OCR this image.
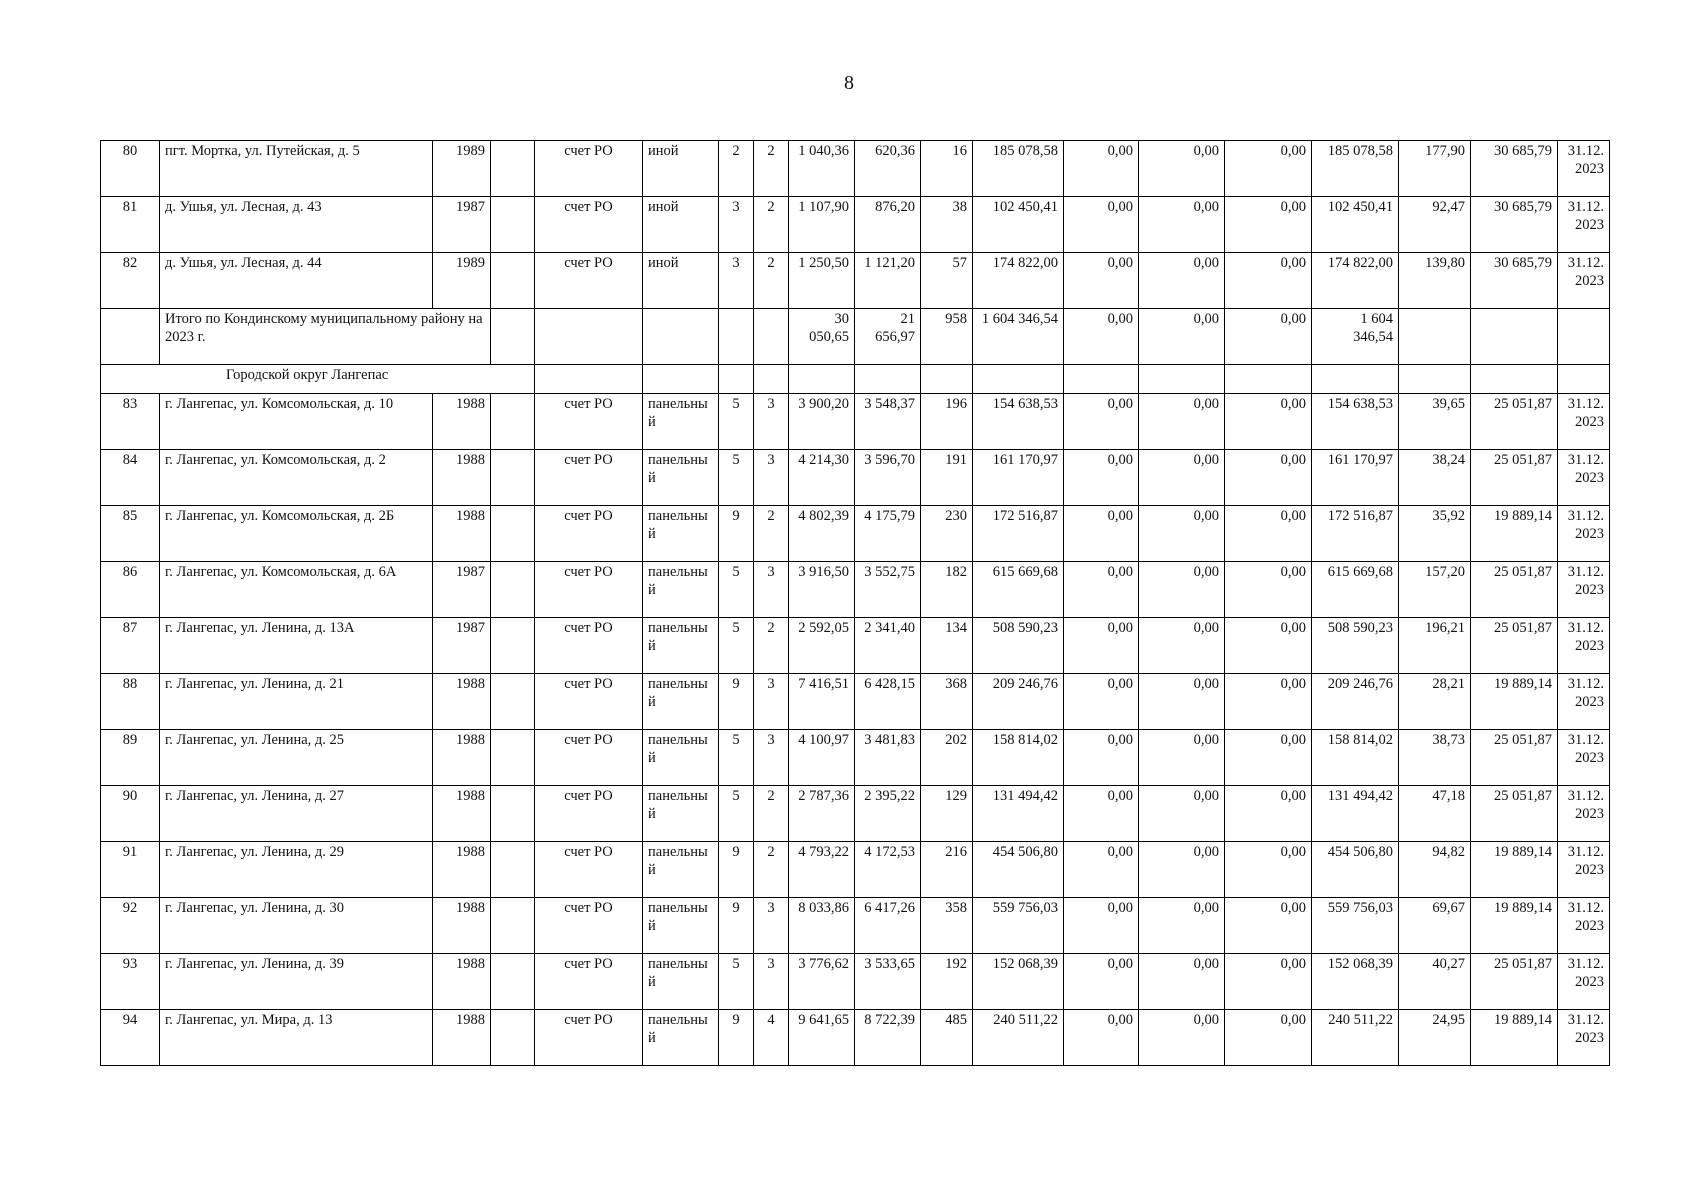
8
80	пгт. Мортка, ул. Путейская, д. 5	1989		счет РО	иной	2	2	1 040,36	620,36	16	185 078,58	0,00	0,00	0,00	185 078,58	177,90	30 685,79	31.12.2023
81	д. Ушья, ул. Лесная, д. 43	1987		счет РО	иной	3	2	1 107,90	876,20	38	102 450,41	0,00	0,00	0,00	102 450,41	92,47	30 685,79	31.12.2023
82	д. Ушья, ул. Лесная, д. 44	1989		счет РО	иной	3	2	1 250,50	1 121,20	57	174 822,00	0,00	0,00	0,00	174 822,00	139,80	30 685,79	31.12.2023
	Итого по Кондинскому муниципальному району на 2023 г.							30 050,65	21 656,97	958	1 604 346,54	0,00	0,00	0,00	1 604 346,54			
Городской округ Лангепас																		
83	г. Лангепас, ул. Комсомольская, д. 10	1988		счет РО	панельный	5	3	3 900,20	3 548,37	196	154 638,53	0,00	0,00	0,00	154 638,53	39,65	25 051,87	31.12.2023
84	г. Лангепас, ул. Комсомольская, д. 2	1988		счет РО	панельный	5	3	4 214,30	3 596,70	191	161 170,97	0,00	0,00	0,00	161 170,97	38,24	25 051,87	31.12.2023
85	г. Лангепас, ул. Комсомольская, д. 2Б	1988		счет РО	панельный	9	2	4 802,39	4 175,79	230	172 516,87	0,00	0,00	0,00	172 516,87	35,92	19 889,14	31.12.2023
86	г. Лангепас, ул. Комсомольская, д. 6А	1987		счет РО	панельный	5	3	3 916,50	3 552,75	182	615 669,68	0,00	0,00	0,00	615 669,68	157,20	25 051,87	31.12.2023
87	г. Лангепас, ул. Ленина, д. 13А	1987		счет РО	панельный	5	2	2 592,05	2 341,40	134	508 590,23	0,00	0,00	0,00	508 590,23	196,21	25 051,87	31.12.2023
88	г. Лангепас, ул. Ленина, д. 21	1988		счет РО	панельный	9	3	7 416,51	6 428,15	368	209 246,76	0,00	0,00	0,00	209 246,76	28,21	19 889,14	31.12.2023
89	г. Лангепас, ул. Ленина, д. 25	1988		счет РО	панельный	5	3	4 100,97	3 481,83	202	158 814,02	0,00	0,00	0,00	158 814,02	38,73	25 051,87	31.12.2023
90	г. Лангепас, ул. Ленина, д. 27	1988		счет РО	панельный	5	2	2 787,36	2 395,22	129	131 494,42	0,00	0,00	0,00	131 494,42	47,18	25 051,87	31.12.2023
91	г. Лангепас, ул. Ленина, д. 29	1988		счет РО	панельный	9	2	4 793,22	4 172,53	216	454 506,80	0,00	0,00	0,00	454 506,80	94,82	19 889,14	31.12.2023
92	г. Лангепас, ул. Ленина, д. 30	1988		счет РО	панельный	9	3	8 033,86	6 417,26	358	559 756,03	0,00	0,00	0,00	559 756,03	69,67	19 889,14	31.12.2023
93	г. Лангепас, ул. Ленина, д. 39	1988		счет РО	панельный	5	3	3 776,62	3 533,65	192	152 068,39	0,00	0,00	0,00	152 068,39	40,27	25 051,87	31.12.2023
94	г. Лангепас, ул. Мира, д. 13	1988		счет РО	панельный	9	4	9 641,65	8 722,39	485	240 511,22	0,00	0,00	0,00	240 511,22	24,95	19 889,14	31.12.2023
